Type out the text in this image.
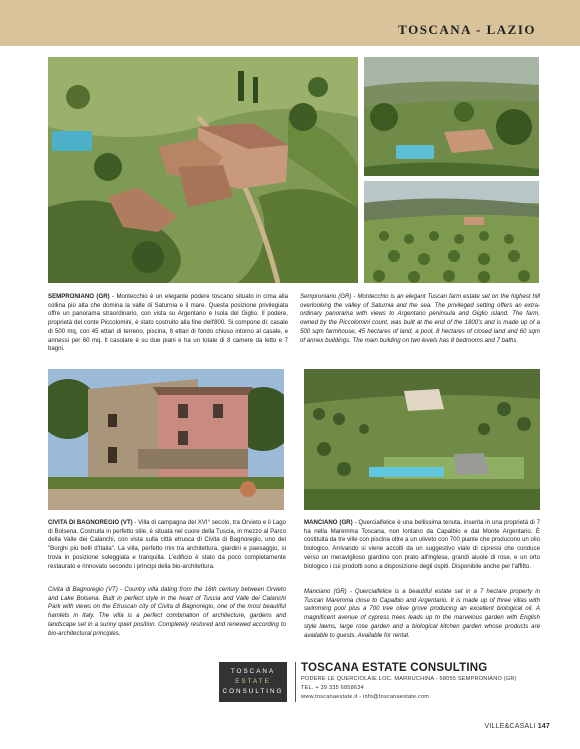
TOSCANA - LAZIO
SEMPRONIANO (GR) - Montecchio è un elegante podere toscano situato in cima alla collina più alta che domina la valle di Saturnia e il mare. Questa posizione privilegiata offre un panorama straordinario, con vista su Argentario e Isola del Giglio. Il podere, proprietà del conte Piccolomini, è stato costruito alla fine dell'800. Si compone di: casale di 500 mq, con 45 ettari di terreno, piscina, 8 ettari di fondo chiuso intorno al casale, e annessi per 60 mq. Il casolare è su due piani e ha un totale di 8 camere da letto e 7 bagni.
Semproniano (GR) - Montecchio is an elegant Tuscan farm estate set on the highest hill overlooking the valley of Saturnia and the sea. The privileged setting offers an extra-ordinary panorama with views to Argentario peninsula and Giglio island. The farm, owned by the Piccolomini count, was built at the end of the 1800's and is made up of a 500 sqm farmhouse, 45 hectares of land, a pool, 8 hectares of closed land and 60 sqm of annex buildings. The main building on two levels has 8 bedrooms and 7 baths.
CIVITA DI BAGNOREGIO (VT) - Villa di campagna del XVI° secolo, tra Orvieto e il Lago di Bolsena. Costruita in perfetto stile, è situata nel cuore della Tuscia, in mezzo al Parco della Valle dei Calanchi, con vista sulla città etrusca di Civita di Bagnoregio, uno dei "Borghi più belli d'Italia". La villa, perfetto mix tra architettura, giardini e paesaggio, si trova in posizione soleggiata e tranquilla. L'edificio è stato da poco completamente restaurato e rinnovato secondo i principi della bio-architettura.
Civita di Bagnoregio (VT) - Country villa dating from the 16th century between Orvieto and Lake Bolsena. Built in perfect style in the heart of Tuscia and Valle dei Calanchi Park with views on the Etruscan city of Civita di Bagnoregio, one of the most beautiful hamlets in Italy. The villa is a perfect combination of architecture, gardens and landscape set in a sunny quiet position. Completely restored and renewed according to bio-architectural principles.
MANCIANO (GR) - Quercialfelice è una bellissima tenuta, inserita in una proprietà di 7 ha nella Maremma Toscana, non lontano da Capalbio e dal Monte Argentario. È costituita da tre ville con piscina oltre a un uliveto con 700 piante che producono un olio biologico. Arrivando si viene accolti da un suggestivo viale di cipressi che conduce verso un meraviglioso giardino con prato all'inglese, grandi aiuole di rose, e un orto biologico i cui prodotti sono a disposizione degli ospiti. Disponibile anche per l'affitto.
Manciano (GR) - Quercialfelice is a beautiful estate set in a 7 hectare property in Tuscan Maremma close to Capalbio and Argentario. It is made up of three villas with swimming pool plus a 700 tree olive grove producing an excellent biological oil. A magnificent avenue of cypress trees leads up to the marvelous garden with English style lawns, large rose garden and a biological kitchen garden whose products are available to guests. Available for rental.
TOSCANA
ESTATE
CONSULTING
TOSCANA ESTATE CONSULTING
PODERE LE QUERCIOLAIE LOC. MARRUCHINA - 58055 SEMPRONIANO (GR)
TEL. + 39 335 6858634
www.toscanaestate.it - info@toscanaestate.com
VILLE&CASALI 147
